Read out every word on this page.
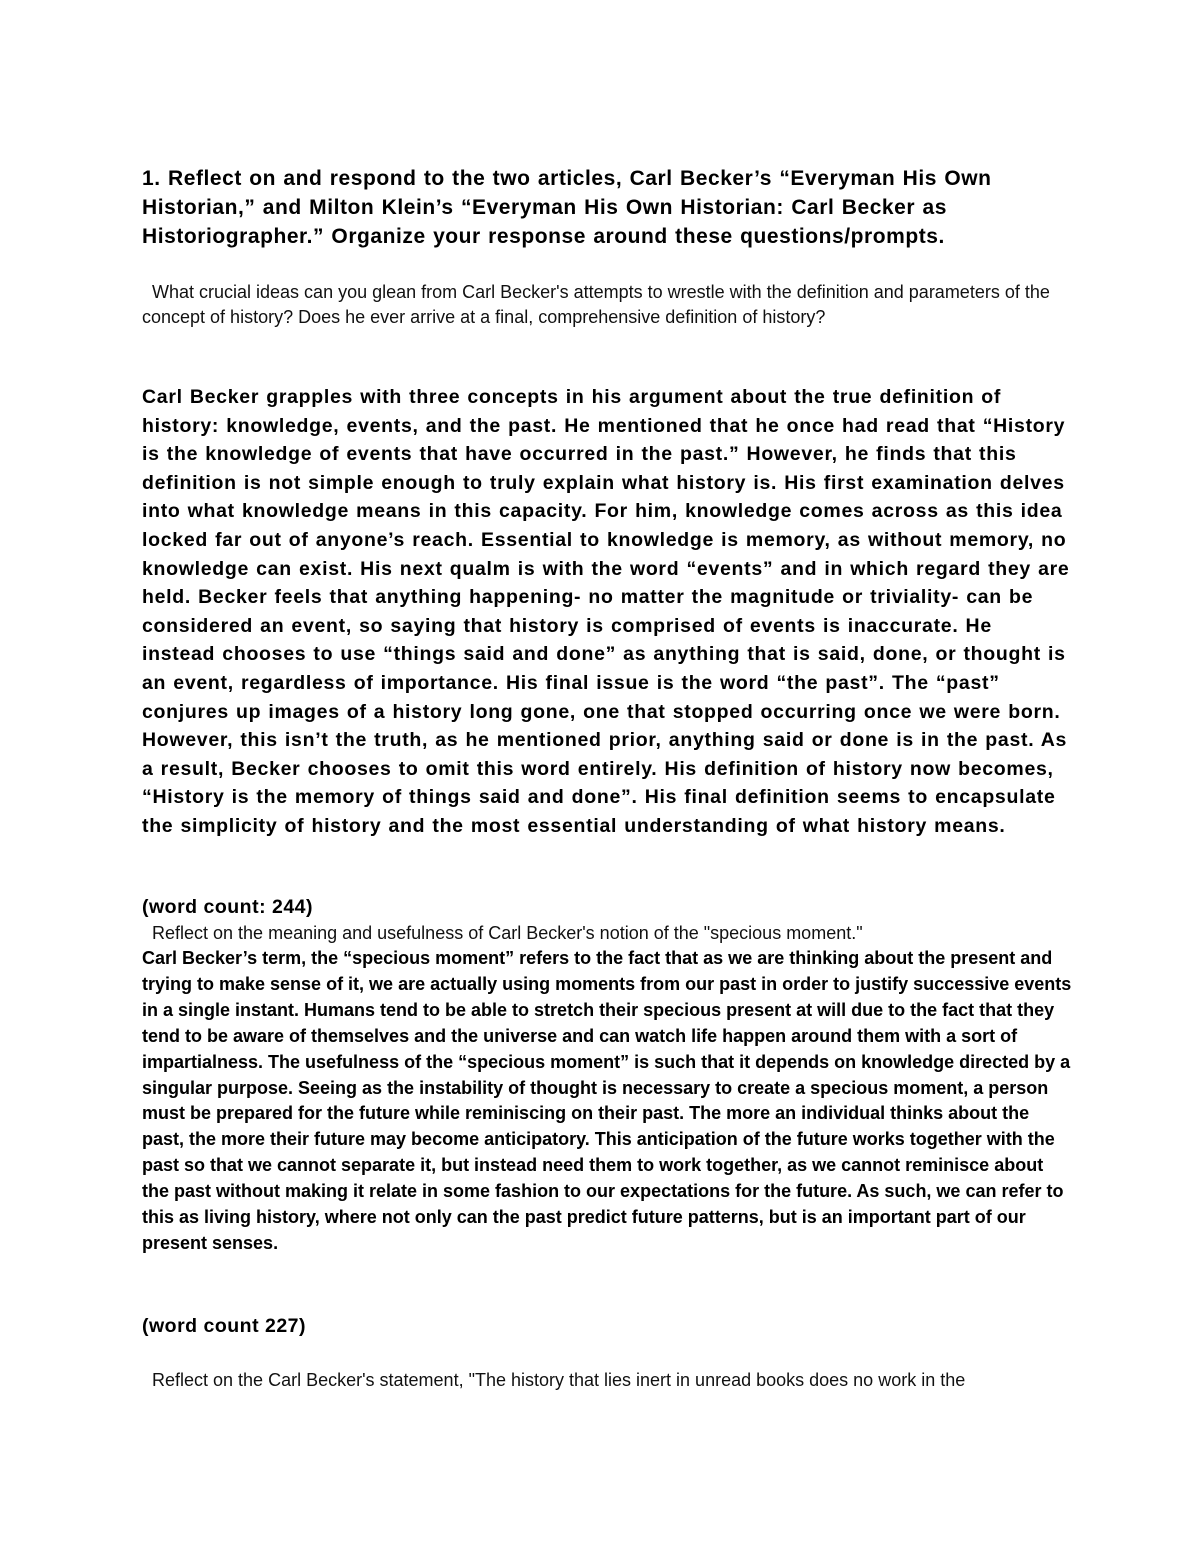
1. Reflect on and respond to the two articles, Carl Becker’s “Everyman His Own Historian,” and Milton Klein’s “Everyman His Own Historian: Carl Becker as Historiographer.” Organize your response around these questions/prompts.

What crucial ideas can you glean from Carl Becker's attempts to wrestle with the definition and parameters of the concept of history? Does he ever arrive at a final, comprehensive definition of history?

Carl Becker grapples with three concepts in his argument about the true definition of history: knowledge, events, and the past. He mentioned that he once had read that “History is the knowledge of events that have occurred in the past.” However, he finds that this definition is not simple enough to truly explain what history is. His first examination delves into what knowledge means in this capacity. For him, knowledge comes across as this idea locked far out of anyone’s reach. Essential to knowledge is memory, as without memory, no knowledge can exist. His next qualm is with the word “events” and in which regard they are held. Becker feels that anything happening- no matter the magnitude or triviality- can be considered an event, so saying that history is comprised of events is inaccurate. He instead chooses to use “things said and done” as anything that is said, done, or thought is an event, regardless of importance. His final issue is the word “the past”. The “past” conjures up images of a history long gone, one that stopped occurring once we were born. However, this isn’t the truth, as he mentioned prior, anything said or done is in the past. As a result, Becker chooses to omit this word entirely. His definition of history now becomes, “History is the memory of things said and done”. His final definition seems to encapsulate the simplicity of history and the most essential understanding of what history means.

(word count: 244)

Reflect on the meaning and usefulness of Carl Becker's notion of the "specious moment."

Carl Becker’s term, the “specious moment” refers to the fact that as we are thinking about the present and trying to make sense of it, we are actually using moments from our past in order to justify successive events in a single instant. Humans tend to be able to stretch their specious present at will due to the fact that they tend to be aware of themselves and the universe and can watch life happen around them with a sort of impartialness. The usefulness of the “specious moment” is such that it depends on knowledge directed by a singular purpose. Seeing as the instability of thought is necessary to create a specious moment, a person must be prepared for the future while reminiscing on their past. The more an individual thinks about the past, the more their future may become anticipatory. This anticipation of the future works together with the past so that we cannot separate it, but instead need them to work together, as we cannot reminisce about the past without making it relate in some fashion to our expectations for the future. As such, we can refer to this as living history, where not only can the past predict future patterns, but is an important part of our present senses.

(word count 227)

Reflect on the Carl Becker's statement, "The history that lies inert in unread books does no work in the
